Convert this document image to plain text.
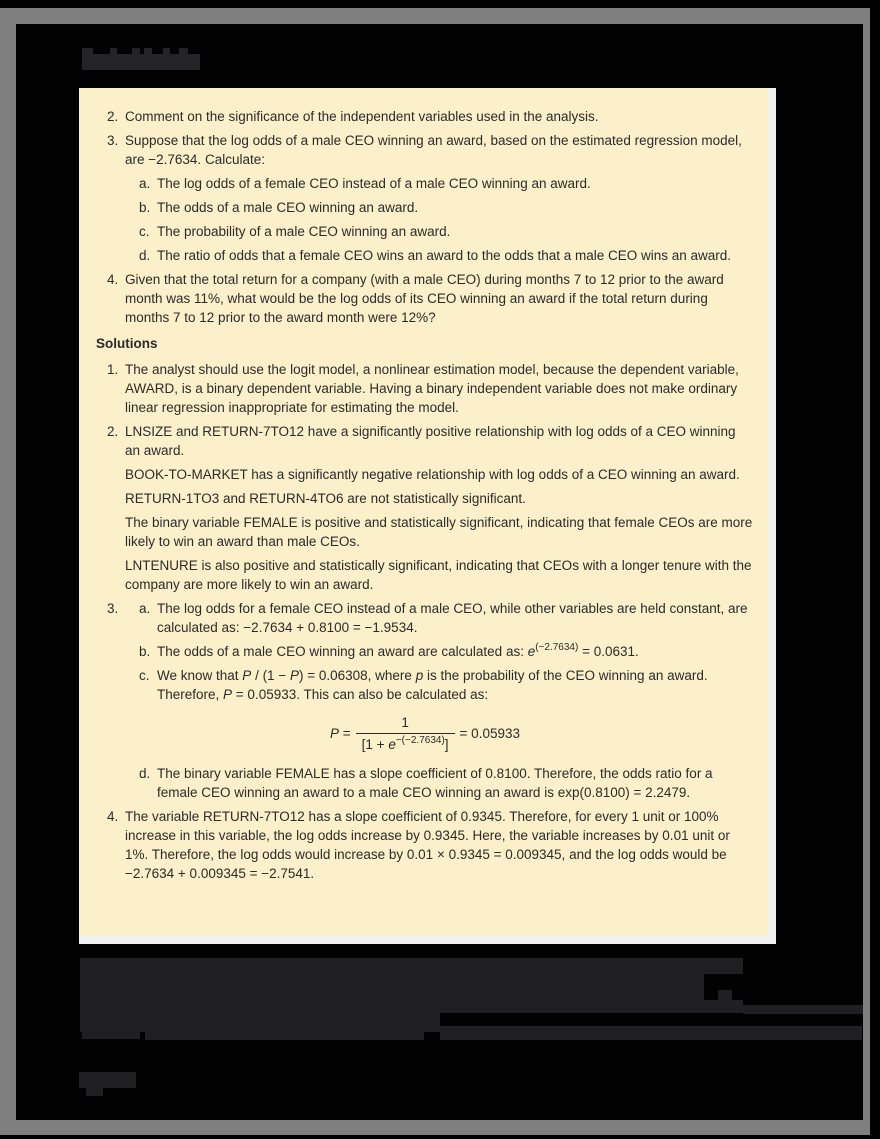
2. Comment on the significance of the independent variables used in the analysis.
3. Suppose that the log odds of a male CEO winning an award, based on the estimated regression model, are −2.7634. Calculate:
a. The log odds of a female CEO instead of a male CEO winning an award.
b. The odds of a male CEO winning an award.
c. The probability of a male CEO winning an award.
d. The ratio of odds that a female CEO wins an award to the odds that a male CEO wins an award.
4. Given that the total return for a company (with a male CEO) during months 7 to 12 prior to the award month was 11%, what would be the log odds of its CEO winning an award if the total return during months 7 to 12 prior to the award month were 12%?
Solutions
1. The analyst should use the logit model, a nonlinear estimation model, because the dependent variable, AWARD, is a binary dependent variable. Having a binary independent variable does not make ordinary linear regression inappropriate for estimating the model.
2. LNSIZE and RETURN-7TO12 have a significantly positive relationship with log odds of a CEO winning an award.
BOOK-TO-MARKET has a significantly negative relationship with log odds of a CEO winning an award.
RETURN-1TO3 and RETURN-4TO6 are not statistically significant.
The binary variable FEMALE is positive and statistically significant, indicating that female CEOs are more likely to win an award than male CEOs.
LNTENURE is also positive and statistically significant, indicating that CEOs with a longer tenure with the company are more likely to win an award.
3. a. The log odds for a female CEO instead of a male CEO, while other variables are held constant, are calculated as: −2.7634 + 0.8100 = −1.9534.
b. The odds of a male CEO winning an award are calculated as: $e^{(-2.7634)} = 0.0631$.
c. We know that P / (1 − P) = 0.06308, where p is the probability of the CEO winning an award. Therefore, P = 0.05933. This can also be calculated as:
$P = \frac{1}{[1 + e^{-(-2.7634)}]} = 0.05933$
d. The binary variable FEMALE has a slope coefficient of 0.8100. Therefore, the odds ratio for a female CEO winning an award to a male CEO winning an award is exp(0.8100) = 2.2479.
4. The variable RETURN-7TO12 has a slope coefficient of 0.9345. Therefore, for every 1 unit or 100% increase in this variable, the log odds increase by 0.9345. Here, the variable increases by 0.01 unit or 1%. Therefore, the log odds would increase by 0.01 × 0.9345 = 0.009345, and the log odds would be −2.7634 + 0.009345 = −2.7541.
